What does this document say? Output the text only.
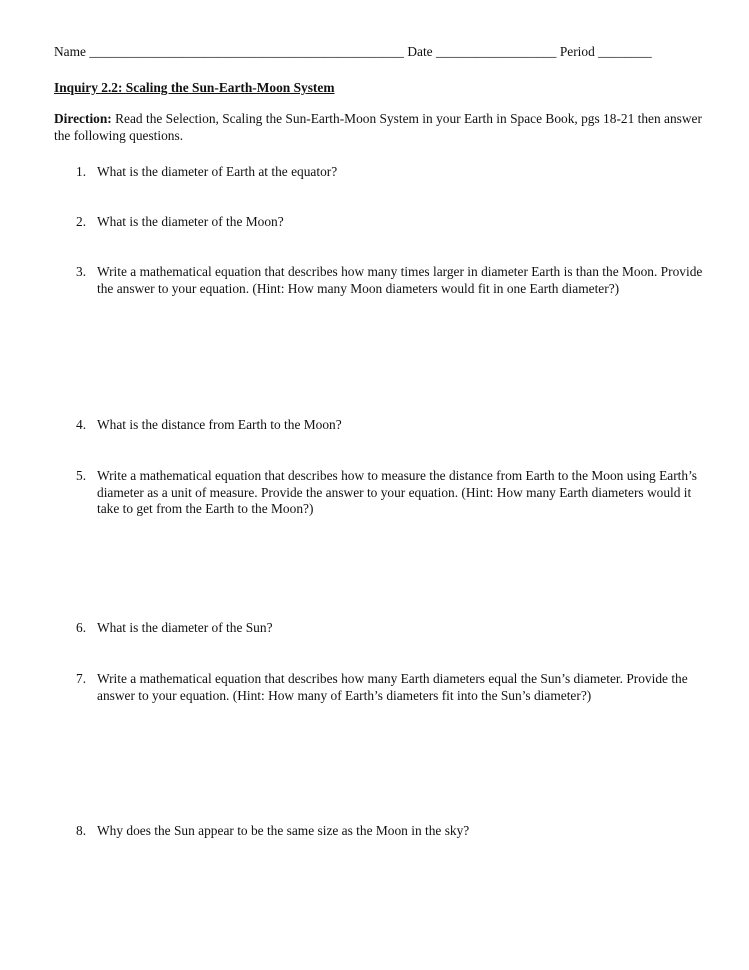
Name _______________________________________________ Date __________________ Period ________
Inquiry 2.2: Scaling the Sun-Earth-Moon System
Direction: Read the Selection, Scaling the Sun-Earth-Moon System in your Earth in Space Book, pgs 18-21 then answer the following questions.
1. What is the diameter of Earth at the equator?
2. What is the diameter of the Moon?
3. Write a mathematical equation that describes how many times larger in diameter Earth is than the Moon. Provide the answer to your equation. (Hint: How many Moon diameters would fit in one Earth diameter?)
4. What is the distance from Earth to the Moon?
5. Write a mathematical equation that describes how to measure the distance from Earth to the Moon using Earth’s diameter as a unit of measure. Provide the answer to your equation. (Hint: How many Earth diameters would it take to get from the Earth to the Moon?)
6. What is the diameter of the Sun?
7. Write a mathematical equation that describes how many Earth diameters equal the Sun’s diameter. Provide the answer to your equation. (Hint: How many of Earth’s diameters fit into the Sun’s diameter?)
8. Why does the Sun appear to be the same size as the Moon in the sky?
